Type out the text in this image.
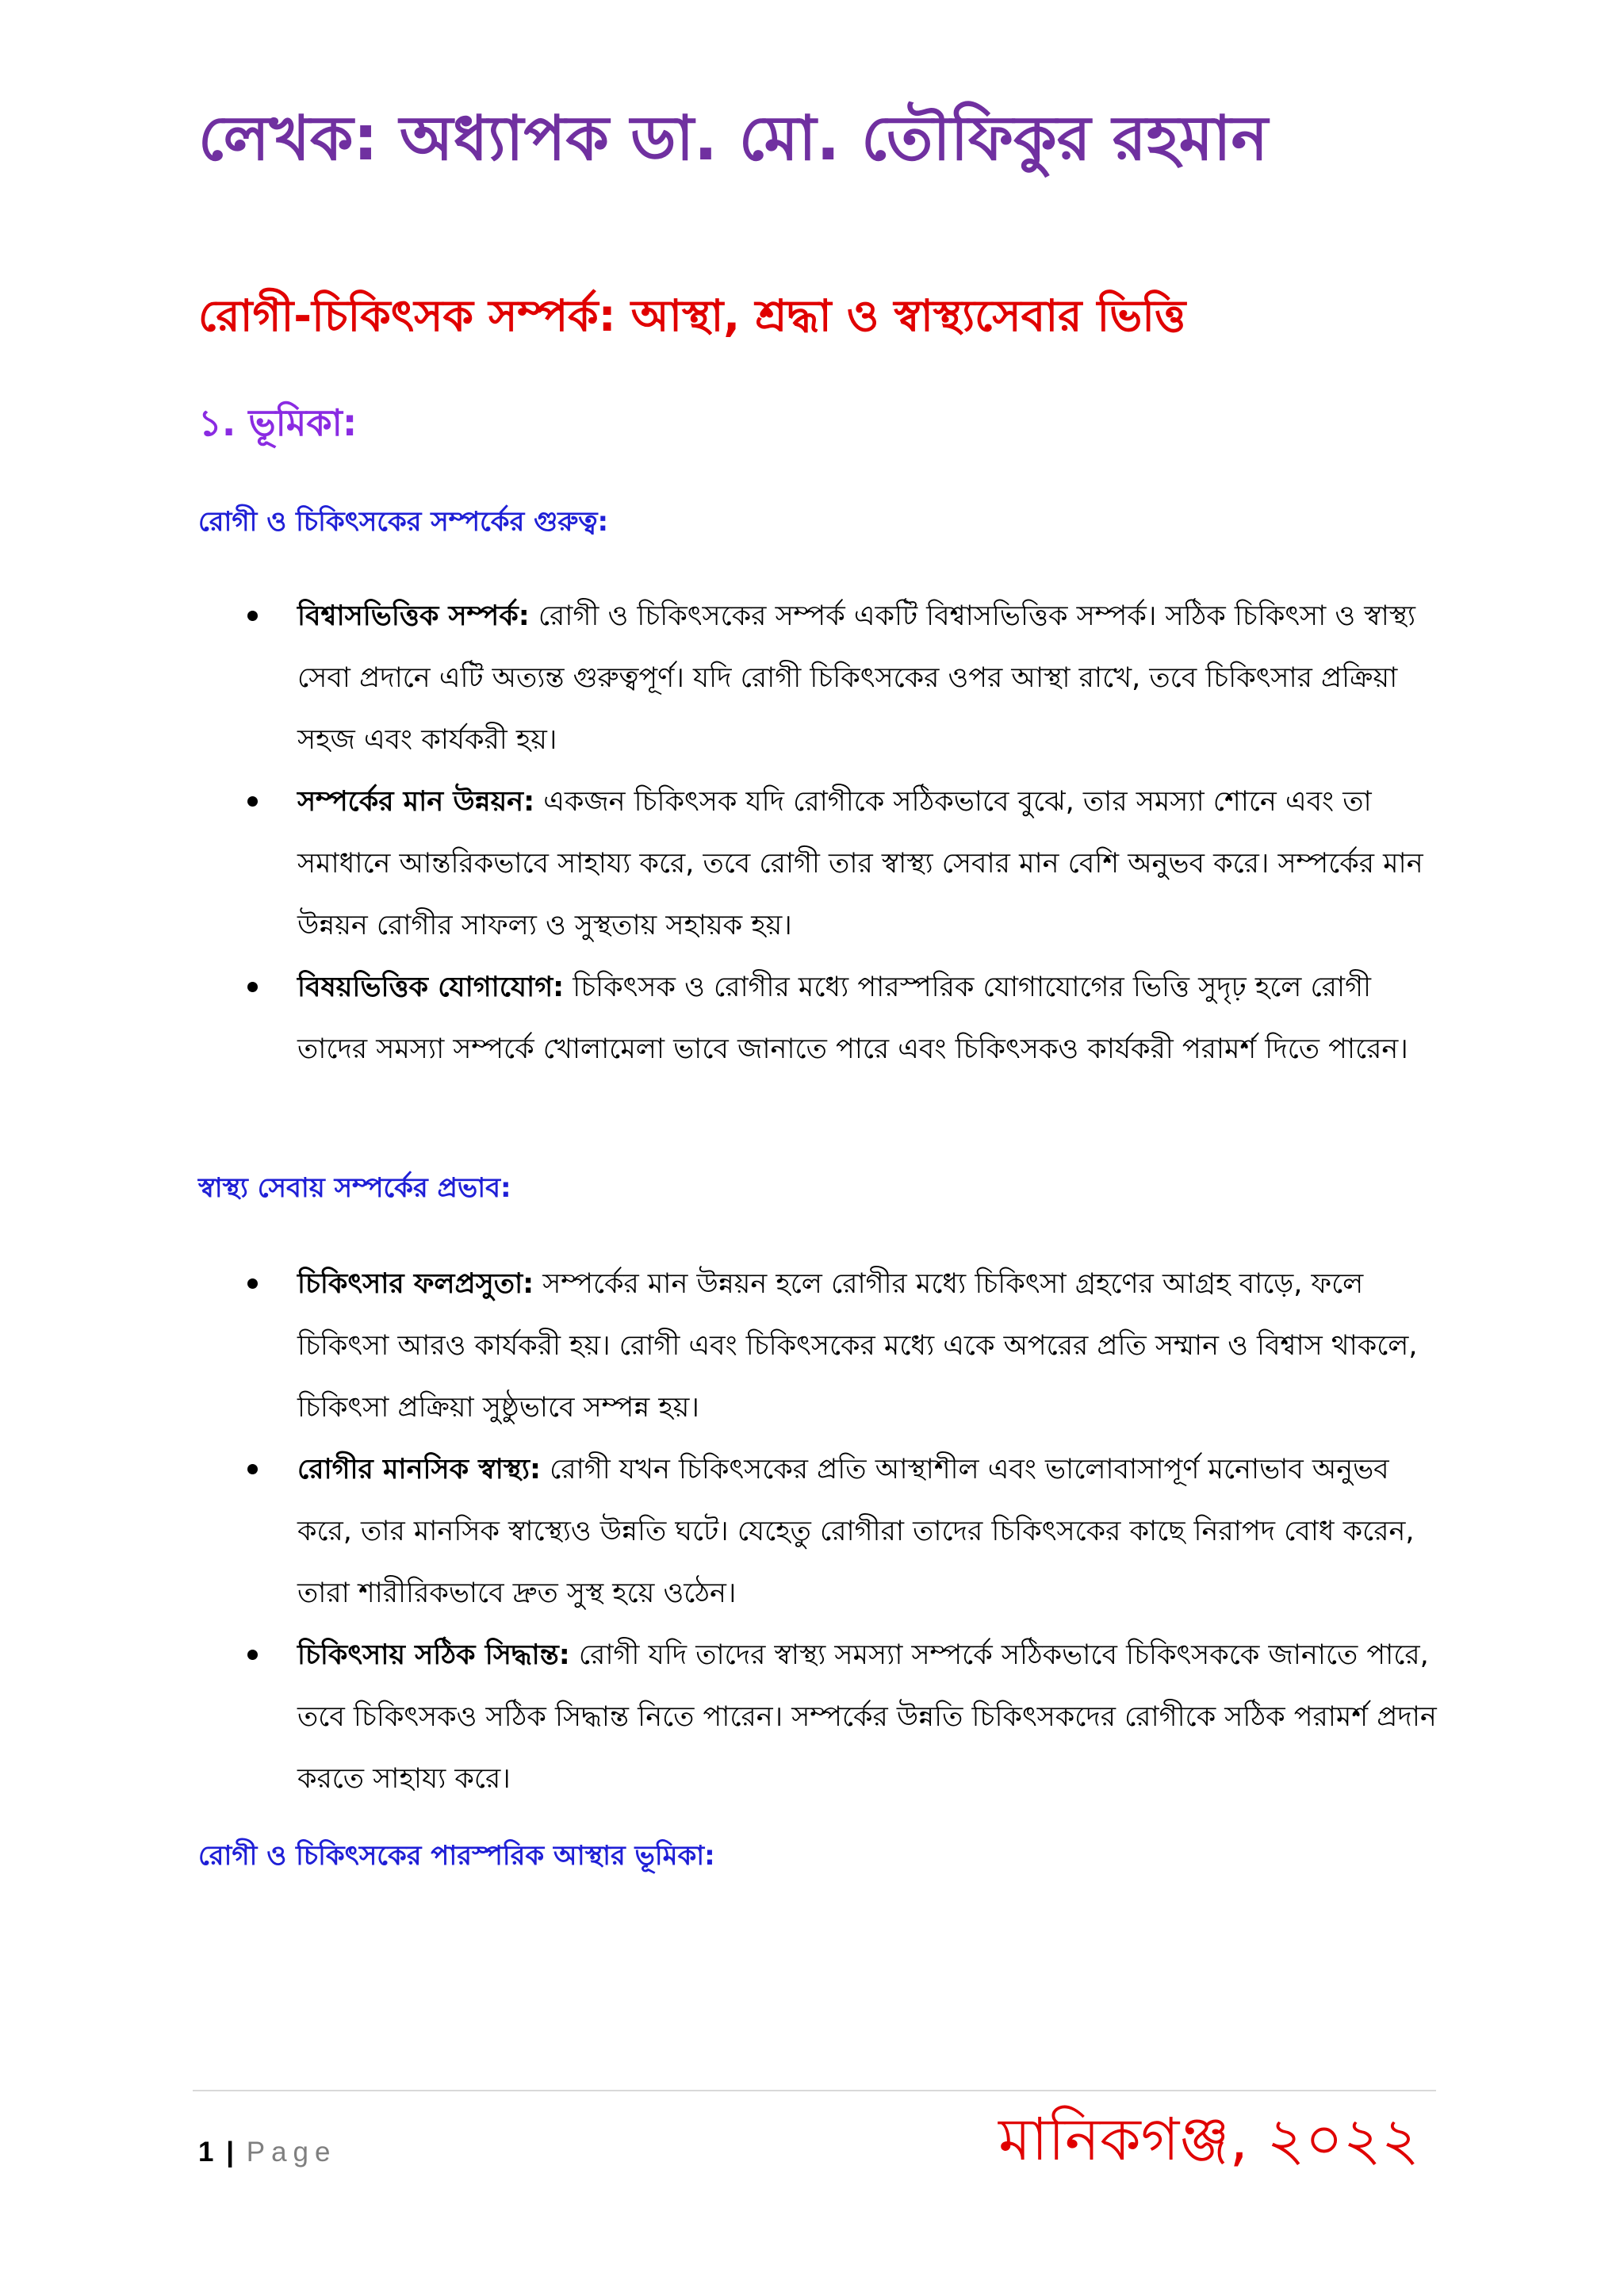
লেখক: অধ্যাপক ডা. মো. তৌফিকুর রহমান
রোগী-চিকিৎসক সম্পর্ক: আস্থা, শ্রদ্ধা ও স্বাস্থ্যসেবার ভিত্তি
১. ভূমিকা:
রোগী ও চিকিৎসকের সম্পর্কের গুরুত্ব:
বিশ্বাসভিত্তিক সম্পর্ক: রোগী ও চিকিৎসকের সম্পর্ক একটি বিশ্বাসভিত্তিক সম্পর্ক। সঠিক চিকিৎসা ও স্বাস্থ্য সেবা প্রদানে এটি অত্যন্ত গুরুত্বপূর্ণ। যদি রোগী চিকিৎসকের ওপর আস্থা রাখে, তবে চিকিৎসার প্রক্রিয়া সহজ এবং কার্যকরী হয়।
সম্পর্কের মান উন্নয়ন: একজন চিকিৎসক যদি রোগীকে সঠিকভাবে বুঝে, তার সমস্যা শোনে এবং তা সমাধানে আন্তরিকভাবে সাহায্য করে, তবে রোগী তার স্বাস্থ্য সেবার মান বেশি অনুভব করে। সম্পর্কের মান উন্নয়ন রোগীর সাফল্য ও সুস্থতায় সহায়ক হয়।
বিষয়ভিত্তিক যোগাযোগ: চিকিৎসক ও রোগীর মধ্যে পারস্পরিক যোগাযোগের ভিত্তি সুদৃঢ় হলে রোগী তাদের সমস্যা সম্পর্কে খোলামেলা ভাবে জানাতে পারে এবং চিকিৎসকও কার্যকরী পরামর্শ দিতে পারেন।
স্বাস্থ্য সেবায় সম্পর্কের প্রভাব:
চিকিৎসার ফলপ্রসুতা: সম্পর্কের মান উন্নয়ন হলে রোগীর মধ্যে চিকিৎসা গ্রহণের আগ্রহ বাড়ে, ফলে চিকিৎসা আরও কার্যকরী হয়। রোগী এবং চিকিৎসকের মধ্যে একে অপরের প্রতি সম্মান ও বিশ্বাস থাকলে, চিকিৎসা প্রক্রিয়া সুষ্ঠুভাবে সম্পন্ন হয়।
রোগীর মানসিক স্বাস্থ্য: রোগী যখন চিকিৎসকের প্রতি আস্থাশীল এবং ভালোবাসাপূর্ণ মনোভাব অনুভব করে, তার মানসিক স্বাস্থ্যেও উন্নতি ঘটে। যেহেতু রোগীরা তাদের চিকিৎসকের কাছে নিরাপদ বোধ করেন, তারা শারীরিকভাবে দ্রুত সুস্থ হয়ে ওঠেন।
চিকিৎসায় সঠিক সিদ্ধান্ত: রোগী যদি তাদের স্বাস্থ্য সমস্যা সম্পর্কে সঠিকভাবে চিকিৎসককে জানাতে পারে, তবে চিকিৎসকও সঠিক সিদ্ধান্ত নিতে পারেন। সম্পর্কের উন্নতি চিকিৎসকদের রোগীকে সঠিক পরামর্শ প্রদান করতে সাহায্য করে।
রোগী ও চিকিৎসকের পারস্পরিক আস্থার ভূমিকা:
1 | Page	মানিকগঞ্জ, ২০২২
